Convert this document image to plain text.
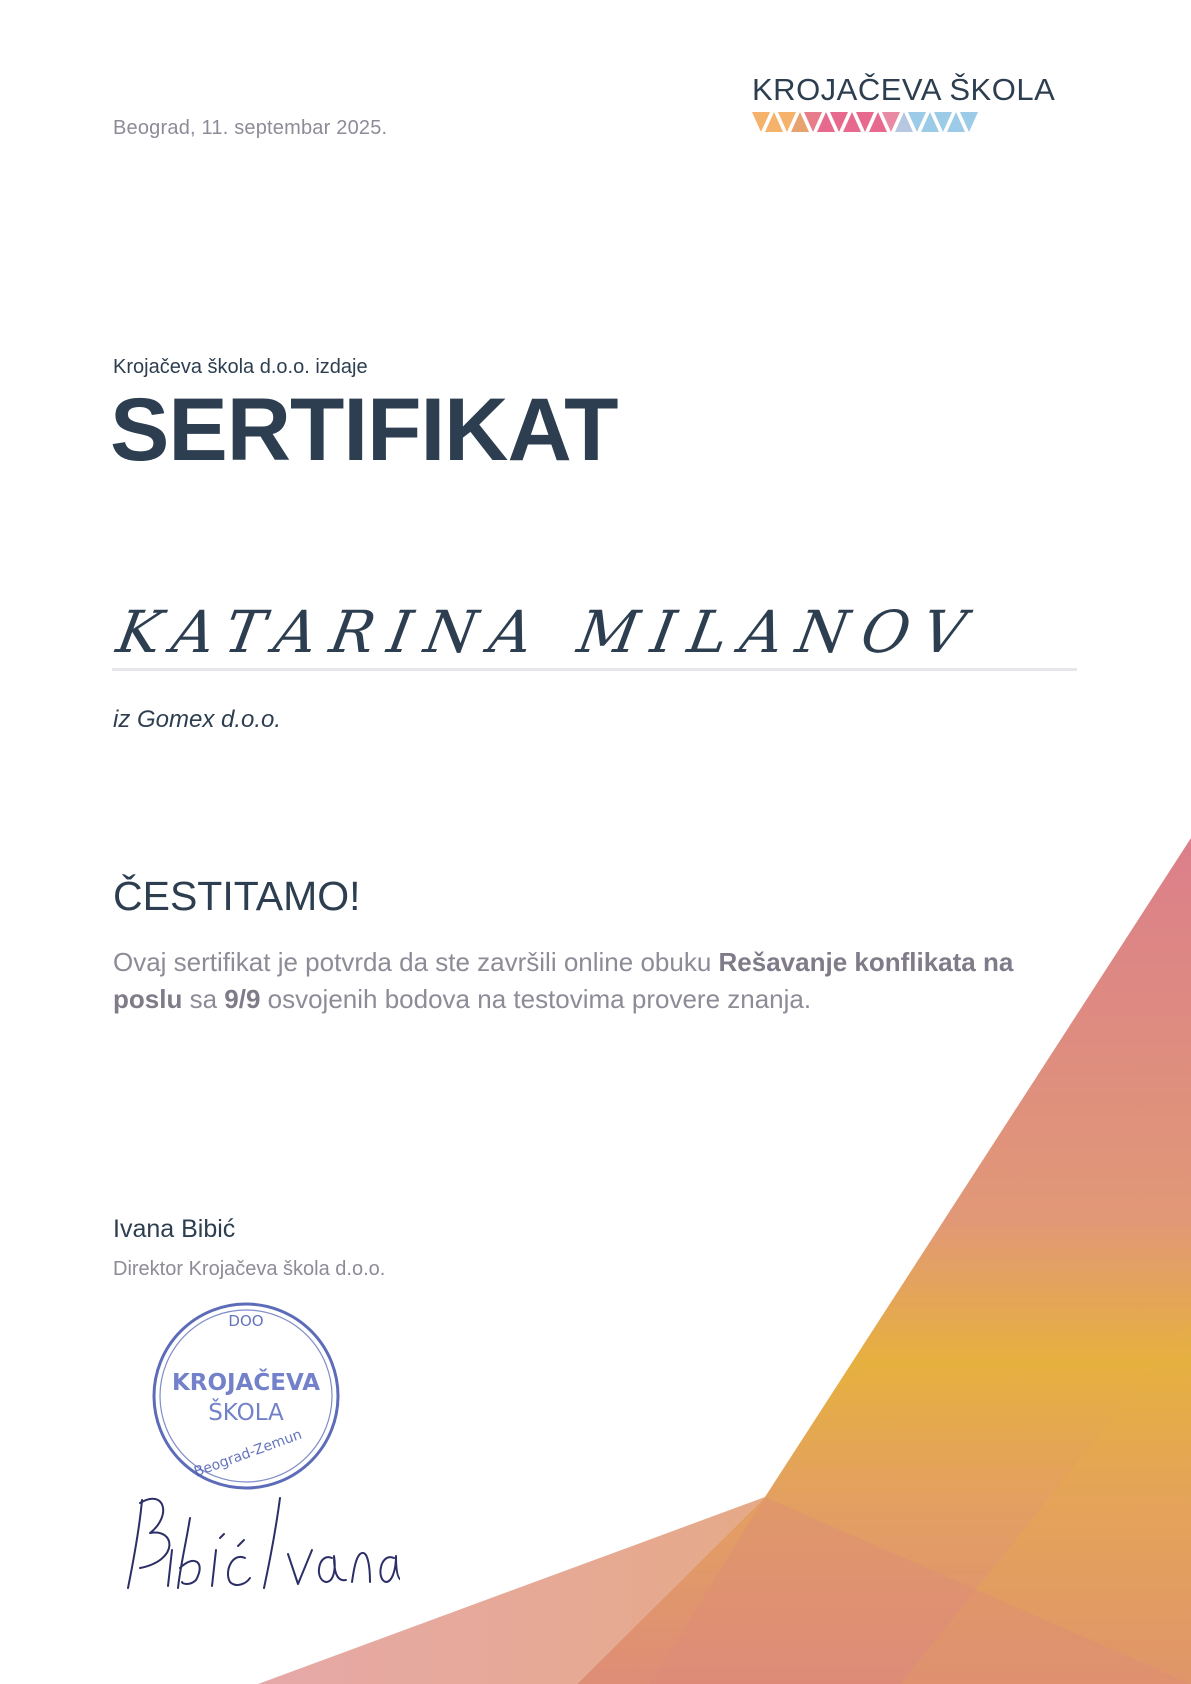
Beograd, 11. septembar 2025.
KROJAČEVA ŠKOLA
Krojačeva škola d.o.o. izdaje
SERTIFIKAT
KATARINA MILANOV
iz Gomex d.o.o.
ČESTITAMO!
Ovaj sertifikat je potvrda da ste završili online obuku Rešavanje konflikata na poslu sa 9/9 osvojenih bodova na testovima provere znanja.
Ivana Bibić
Direktor Krojačeva škola d.o.o.
DOO
KROJAČEVA
ŠKOLA
Beograd-Zemun
